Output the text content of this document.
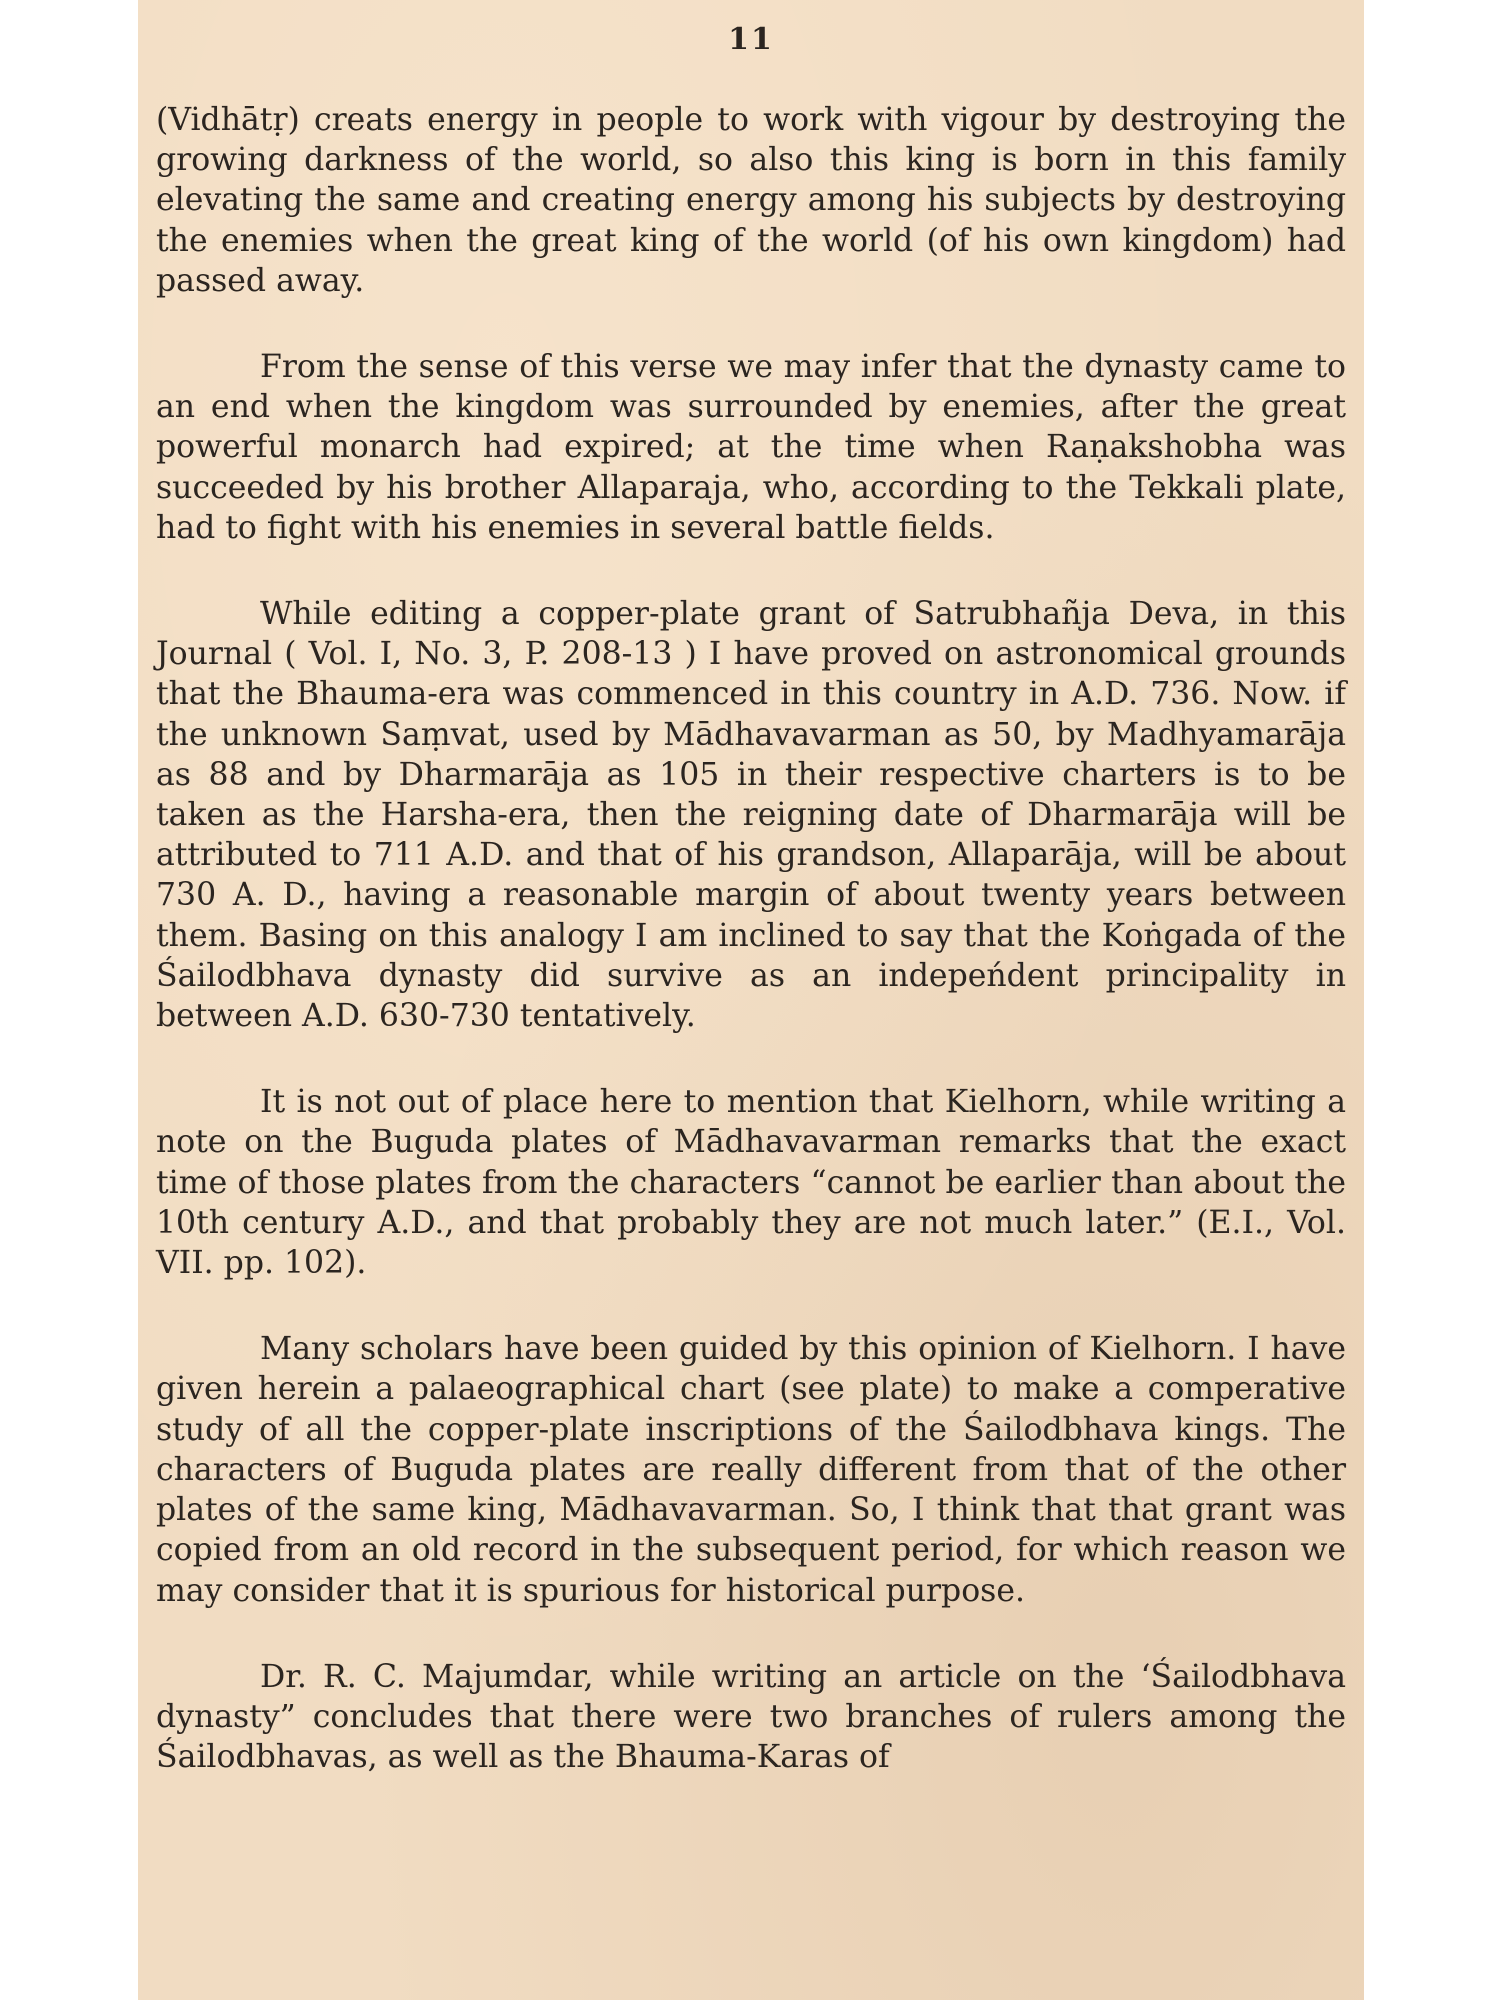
11

(Vidhātṛ) creats energy in people to work with vigour by destroying the growing darkness of the world, so also this king is born in this family elevating the same and creating energy among his subjects by destroying the enemies when the great king of the world (of his own kingdom) had passed away.

From the sense of this verse we may infer that the dynasty came to an end when the kingdom was surrounded by enemies, after the great powerful monarch had expired; at the time when Raṇakshobha was succeeded by his brother Allaparaja, who, according to the Tekkali plate, had to fight with his enemies in several battle fields.

While editing a copper-plate grant of Satrubhañja Deva, in this Journal ( Vol. I, No. 3, P. 208-13 ) I have proved on astronomical grounds that the Bhauma-era was commenced in this country in A.D. 736. Now. if the unknown Saṃvat, used by Mādhavavarman as 50, by Madhyamarāja as 88 and by Dharmarāja as 105 in their respective charters is to be taken as the Harsha-era, then the reigning date of Dharmarāja will be attributed to 711 A.D. and that of his grandson, Allaparāja, will be about 730 A. D., having a reasonable margin of about twenty years between them. Basing on this analogy I am inclined to say that the Koṅgada of the Śailodbhava dynasty did survive as an indepeńdent principality in between A.D. 630-730 tentatively.

It is not out of place here to mention that Kielhorn, while writing a note on the Buguda plates of Mādhavavarman remarks that the exact time of those plates from the characters “cannot be earlier than about the 10th century A.D., and that probably they are not much later.” (E.I., Vol. VII. pp. 102).

Many scholars have been guided by this opinion of Kielhorn. I have given herein a palaeographical chart (see plate) to make a comperative study of all the copper-plate inscriptions of the Śailodbhava kings. The characters of Buguda plates are really different from that of the other plates of the same king, Mādhavavarman. So, I think that that grant was copied from an old record in the subsequent period, for which reason we may consider that it is spurious for historical purpose.

Dr. R. C. Majumdar, while writing an article on the ‘Śailodbhava dynasty” concludes that there were two branches of rulers among the Śailodbhavas, as well as the Bhauma-Karas of
